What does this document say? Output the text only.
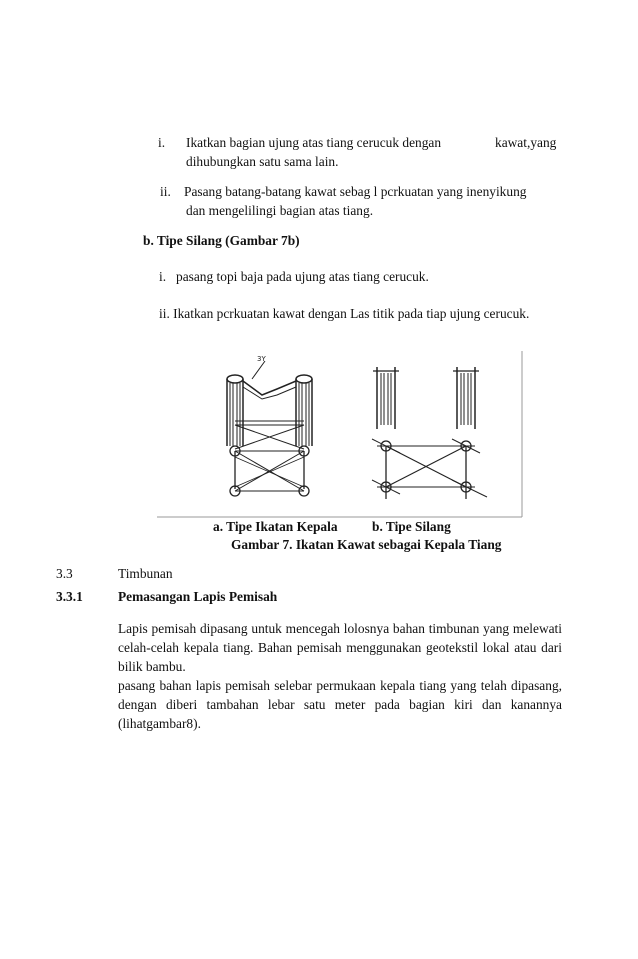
i. Ikatkan bagian ujung atas tiang cerucuk dengan	kawat,yang
dihubungkan satu sama lain.
ii. Pasang batang-batang kawat sebag l pcrkuatan yang inenyikung
dan mengelilingi bagian atas tiang.
b. Tipe Silang (Gambar 7b)
i. pasang topi baja pada ujung atas tiang cerucuk.
ii. Ikatkan pcrkuatan kawat dengan Las titik pada tiap ujung cerucuk.
3Y
a. Tipe Ikatan Kepala	b. Tipe Silang
Gambar 7. Ikatan Kawat sebagai Kepala Tiang
3.3	Timbunan
3.3.1	Pemasangan Lapis Pemisah
Lapis pemisah dipasang untuk mencegah lolosnya bahan timbunan yang melewati celah-celah kepala tiang. Bahan pemisah menggunakan geotekstil lokal atau dari bilik bambu.
pasang bahan lapis pemisah selebar permukaan kepala tiang yang telah dipasang, dengan diberi tambahan lebar satu meter pada bagian kiri dan kanannya (lihatgambar8).
